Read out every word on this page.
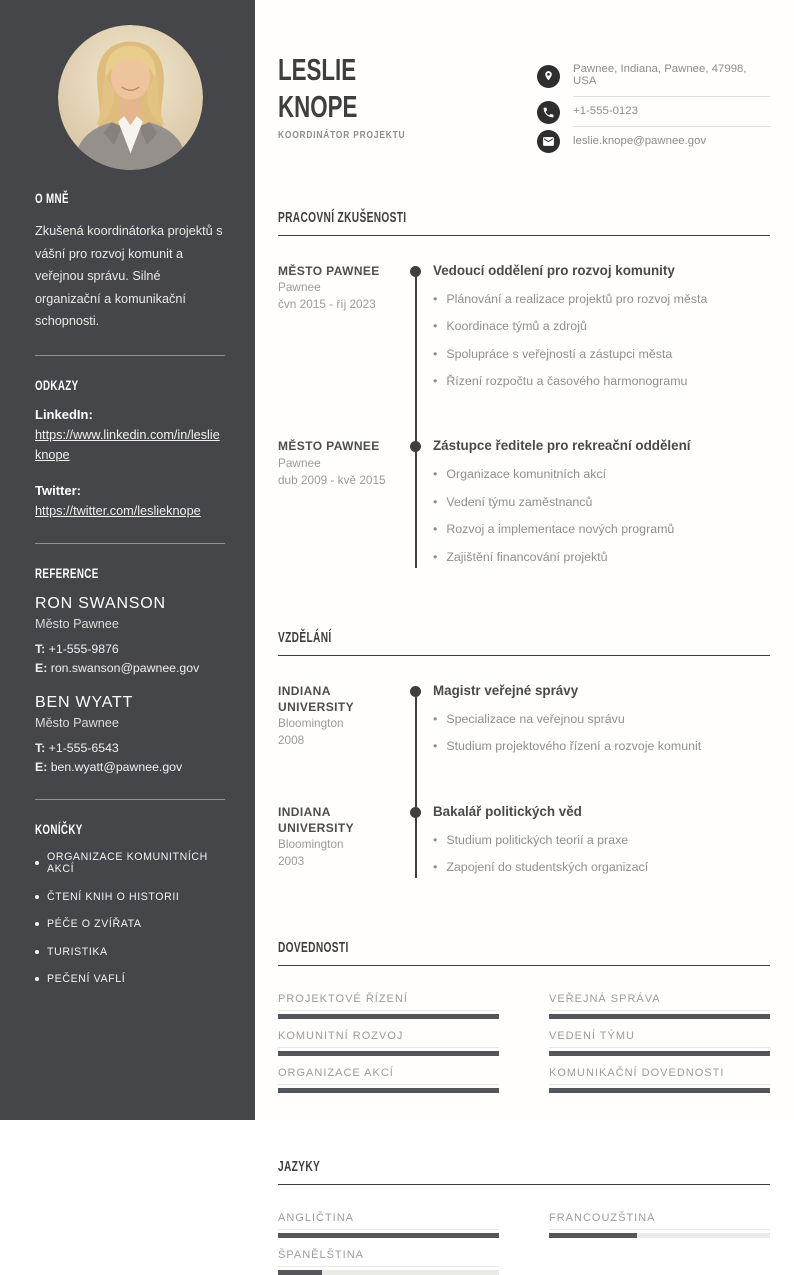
O MNĚ

Zkušená koordinátorka projektů s vášní pro rozvoj komunit a veřejnou správu. Silné organizační a komunikační schopnosti.

ODKAZY
LinkedIn:
https://www.linkedin.com/in/leslieknope
Twitter:
https://twitter.com/leslieknope
REFERENCE
RON SWANSON
Město Pawnee
T: +1-555-9876
E: ron.swanson@pawnee.gov
BEN WYATT
Město Pawnee
T: +1-555-6543
E: ben.wyatt@pawnee.gov
KONÍČKY
ORGANIZACE KOMUNITNÍCH AKCÍ
ČTENÍ KNIH O HISTORII
PÉČE O ZVÍŘATA
TURISTIKA
PEČENÍ VAFLÍ
LESLIE
KNOPE
KOORDINÁTOR PROJEKTU
Pawnee, Indiana, Pawnee, 47998, USA
+1-555-0123
leslie.knope@pawnee.gov
PRACOVNÍ ZKUŠENOSTI
MĚSTO PAWNEE
Pawnee
čvn 2015 - říj 2023
Vedoucí oddělení pro rozvoj komunity
• Plánování a realizace projektů pro rozvoj města
• Koordinace týmů a zdrojů
• Spolupráce s veřejností a zástupci města
• Řízení rozpočtu a časového harmonogramu
MĚSTO PAWNEE
Pawnee
dub 2009 - kvě 2015
Zástupce ředitele pro rekreační oddělení
• Organizace komunitních akcí
• Vedení týmu zaměstnanců
• Rozvoj a implementace nových programů
• Zajištění financování projektů
VZDĚLÁNÍ
INDIANA UNIVERSITY
Bloomington
2008
Magistr veřejné správy
• Specializace na veřejnou správu
• Studium projektového řízení a rozvoje komunit
INDIANA UNIVERSITY
Bloomington
2003
Bakalář politických věd
• Studium politických teorií a praxe
• Zapojení do studentských organizací
DOVEDNOSTI
PROJEKTOVÉ ŘÍZENÍ	VEŘEJNÁ SPRÁVA
KOMUNITNÍ ROZVOJ	VEDENÍ TÝMU
ORGANIZACE AKCÍ	KOMUNIKAČNÍ DOVEDNOSTI
JAZYKY
ANGLIČTINA	FRANCOUZŠTINA
ŠPANĚLŠTINA
